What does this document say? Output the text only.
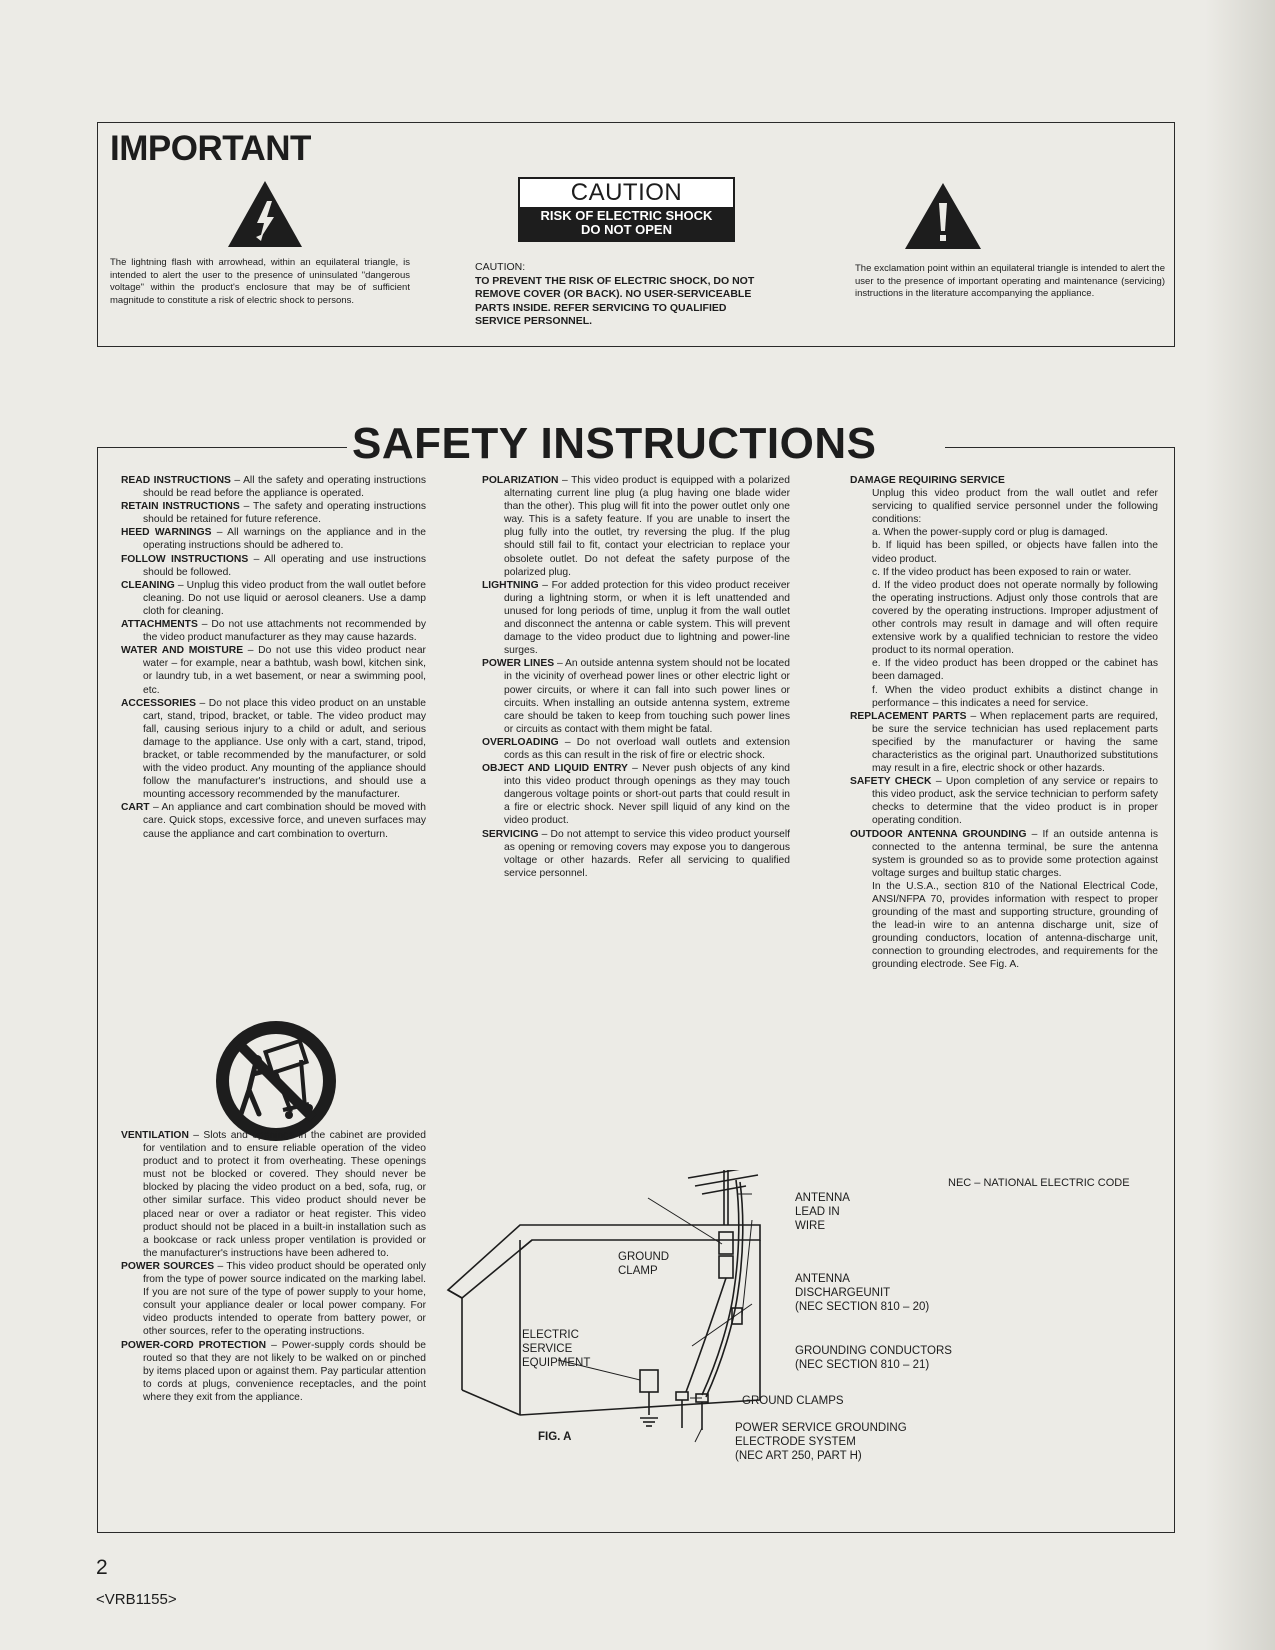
IMPORTANT

The lightning flash with arrowhead, within an equilateral triangle, is intended to alert the user to the presence of uninsulated "dangerous voltage" within the product's enclosure that may be of sufficient magnitude to constitute a risk of electric shock to persons.

CAUTION
RISK OF ELECTRIC SHOCK
DO NOT OPEN

CAUTION:
TO PREVENT THE RISK OF ELECTRIC SHOCK, DO NOT
REMOVE COVER (OR BACK). NO USER-SERVICEABLE
PARTS INSIDE. REFER SERVICING TO QUALIFIED
SERVICE PERSONNEL.

The exclamation point within an equilateral triangle is intended to alert the user to the presence of important operating and maintenance (servicing) instructions in the literature accompanying the appliance.

SAFETY INSTRUCTIONS

READ INSTRUCTIONS – All the safety and operating instructions should be read before the appliance is operated.

RETAIN INSTRUCTIONS – The safety and operating instructions should be retained for future reference.

HEED WARNINGS – All warnings on the appliance and in the operating instructions should be adhered to.

FOLLOW INSTRUCTIONS – All operating and use instructions should be followed.

CLEANING – Unplug this video product from the wall outlet before cleaning. Do not use liquid or aerosol cleaners. Use a damp cloth for cleaning.

ATTACHMENTS – Do not use attachments not recommended by the video product manufacturer as they may cause hazards.

WATER AND MOISTURE – Do not use this video product near water – for example, near a bathtub, wash bowl, kitchen sink, or laundry tub, in a wet basement, or near a swimming pool, etc.

ACCESSORIES – Do not place this video product on an unstable cart, stand, tripod, bracket, or table. The video product may fall, causing serious injury to a child or adult, and serious damage to the appliance. Use only with a cart, stand, tripod, bracket, or table recommended by the manufacturer, or sold with the video product. Any mounting of the appliance should follow the manufacturer's instructions, and should use a mounting accessory recommended by the manufacturer.

CART – An appliance and cart combination should be moved with care. Quick stops, excessive force, and uneven surfaces may cause the appliance and cart combination to overturn.

VENTILATION – Slots and openings in the cabinet are provided for ventilation and to ensure reliable operation of the video product and to protect it from overheating. These openings must not be blocked or covered. They should never be blocked by placing the video product on a bed, sofa, rug, or other similar surface. This video product should never be placed near or over a radiator or heat register. This video product should not be placed in a built-in installation such as a bookcase or rack unless proper ventilation is provided or the manufacturer's instructions have been adhered to.

POWER SOURCES – This video product should be operated only from the type of power source indicated on the marking label. If you are not sure of the type of power supply to your home, consult your appliance dealer or local power company. For video products intended to operate from battery power, or other sources, refer to the operating instructions.

POWER-CORD PROTECTION – Power-supply cords should be routed so that they are not likely to be walked on or pinched by items placed upon or against them. Pay particular attention to cords at plugs, convenience receptacles, and the point where they exit from the appliance.

POLARIZATION – This video product is equipped with a polarized alternating current line plug (a plug having one blade wider than the other). This plug will fit into the power outlet only one way. This is a safety feature. If you are unable to insert the plug fully into the outlet, try reversing the plug. If the plug should still fail to fit, contact your electrician to replace your obsolete outlet. Do not defeat the safety purpose of the polarized plug.

LIGHTNING – For added protection for this video product receiver during a lightning storm, or when it is left unattended and unused for long periods of time, unplug it from the wall outlet and disconnect the antenna or cable system. This will prevent damage to the video product due to lightning and power-line surges.

POWER LINES – An outside antenna system should not be located in the vicinity of overhead power lines or other electric light or power circuits, or where it can fall into such power lines or circuits. When installing an outside antenna system, extreme care should be taken to keep from touching such power lines or circuits as contact with them might be fatal.

OVERLOADING – Do not overload wall outlets and extension cords as this can result in the risk of fire or electric shock.

OBJECT AND LIQUID ENTRY – Never push objects of any kind into this video product through openings as they may touch dangerous voltage points or short-out parts that could result in a fire or electric shock. Never spill liquid of any kind on the video product.

SERVICING – Do not attempt to service this video product yourself as opening or removing covers may expose you to dangerous voltage or other hazards. Refer all servicing to qualified service personnel.

DAMAGE REQUIRING SERVICE

Unplug this video product from the wall outlet and refer servicing to qualified service personnel under the following conditions:

a. When the power-supply cord or plug is damaged.

b. If liquid has been spilled, or objects have fallen into the video product.

c. If the video product has been exposed to rain or water.

d. If the video product does not operate normally by following the operating instructions. Adjust only those controls that are covered by the operating instructions. Improper adjustment of other controls may result in damage and will often require extensive work by a qualified technician to restore the video product to its normal operation.

e. If the video product has been dropped or the cabinet has been damaged.

f. When the video product exhibits a distinct change in performance – this indicates a need for service.

REPLACEMENT PARTS – When replacement parts are required, be sure the service technician has used replacement parts specified by the manufacturer or having the same characteristics as the original part. Unauthorized substitutions may result in a fire, electric shock or other hazards.

SAFETY CHECK – Upon completion of any service or repairs to this video product, ask the service technician to perform safety checks to determine that the video product is in proper operating condition.

OUTDOOR ANTENNA GROUNDING – If an outside antenna is connected to the antenna terminal, be sure the antenna system is grounded so as to provide some protection against voltage surges and builtup static charges.

In the U.S.A., section 810 of the National Electrical Code, ANSI/NFPA 70, provides information with respect to proper grounding of the mast and supporting structure, grounding of the lead-in wire to an antenna discharge unit, size of grounding conductors, location of antenna-discharge unit, connection to grounding electrodes, and requirements for the grounding electrode. See Fig. A.

NEC – NATIONAL ELECTRIC CODE
ANTENNA
LEAD IN
WIRE
GROUND
CLAMP
ANTENNA
DISCHARGEUNIT
(NEC SECTION 810 – 20)
ELECTRIC
SERVICE
EQUIPMENT
GROUNDING CONDUCTORS
(NEC SECTION 810 – 21)
GROUND CLAMPS
POWER SERVICE GROUNDING
ELECTRODE SYSTEM
(NEC ART 250, PART H)
FIG. A
2
<VRB1155>
